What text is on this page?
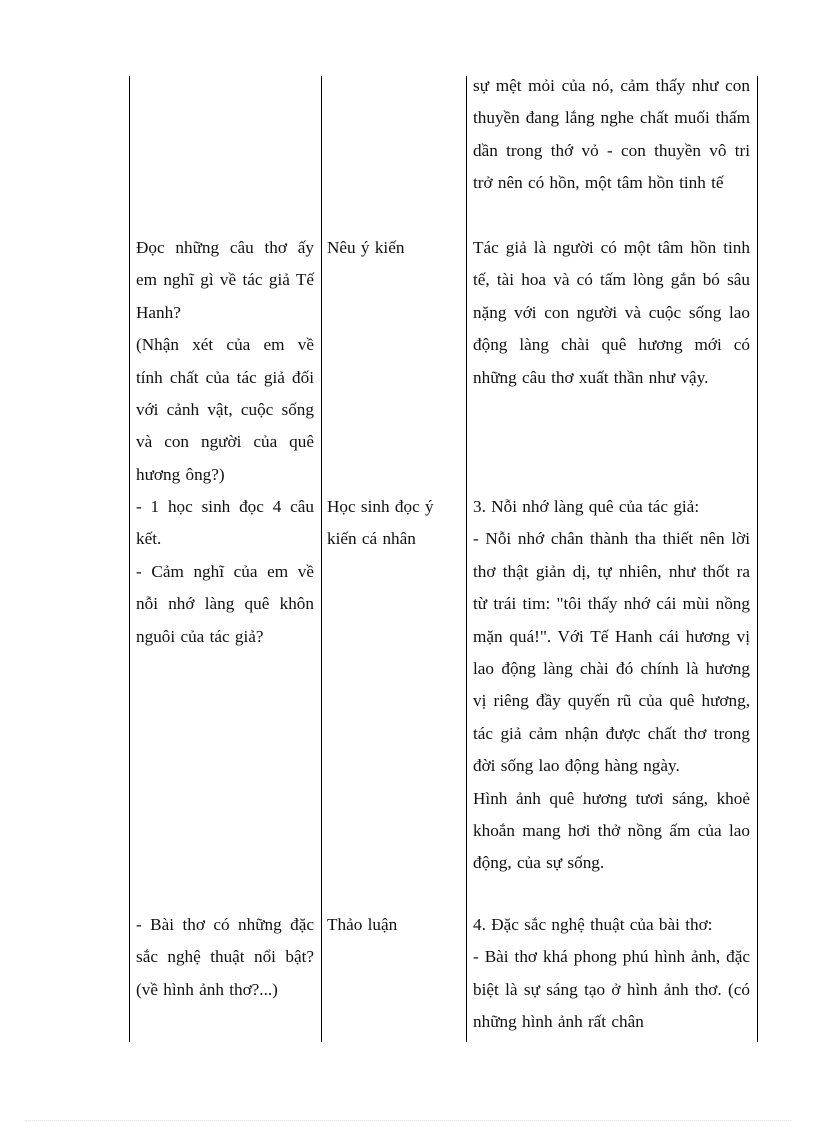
sự mệt mỏi của nó, cảm thấy như con thuyền đang lắng nghe chất muối thấm dần trong thớ vỏ - con thuyền vô tri trở nên có hồn, một tâm hồn tinh tế
Đọc những câu thơ ấy em nghĩ gì về tác giả Tế Hanh?
(Nhận xét của em về tính chất của tác giả đối với cảnh vật, cuộc sống và con người của quê hương ông?)
Nêu ý kiến	Tác giả là người có một tâm hồn tinh tế, tài hoa và có tấm lòng gắn bó sâu nặng với con người và cuộc sống lao động làng chài quê hương mới có những câu thơ xuất thần như vậy.
- 1 học sinh đọc 4 câu kết.
- Cảm nghĩ của em về nỗi nhớ làng quê khôn nguôi của tác giả?
Học sinh đọc ý kiến cá nhân
3. Nỗi nhớ làng quê của tác giả:
- Nỗi nhớ chân thành tha thiết nên lời thơ thật giản dị, tự nhiên, như thốt ra từ trái tim: "tôi thấy nhớ cái mùi nồng mặn quá!". Với Tế Hanh cái hương vị lao động làng chài đó chính là hương vị riêng đầy quyến rũ của quê hương, tác giả cảm nhận được chất thơ trong đời sống lao động hàng ngày.
Hình ảnh quê hương tươi sáng, khoẻ khoắn mang hơi thở nồng ấm của lao động, của sự sống.
- Bài thơ có những đặc sắc nghệ thuật nổi bật? (về hình ảnh thơ?...)
Thảo luận	4. Đặc sắc nghệ thuật của bài thơ:
- Bài thơ khá phong phú hình ảnh, đặc biệt là sự sáng tạo ở hình ảnh thơ. (có những hình ảnh rất chân
